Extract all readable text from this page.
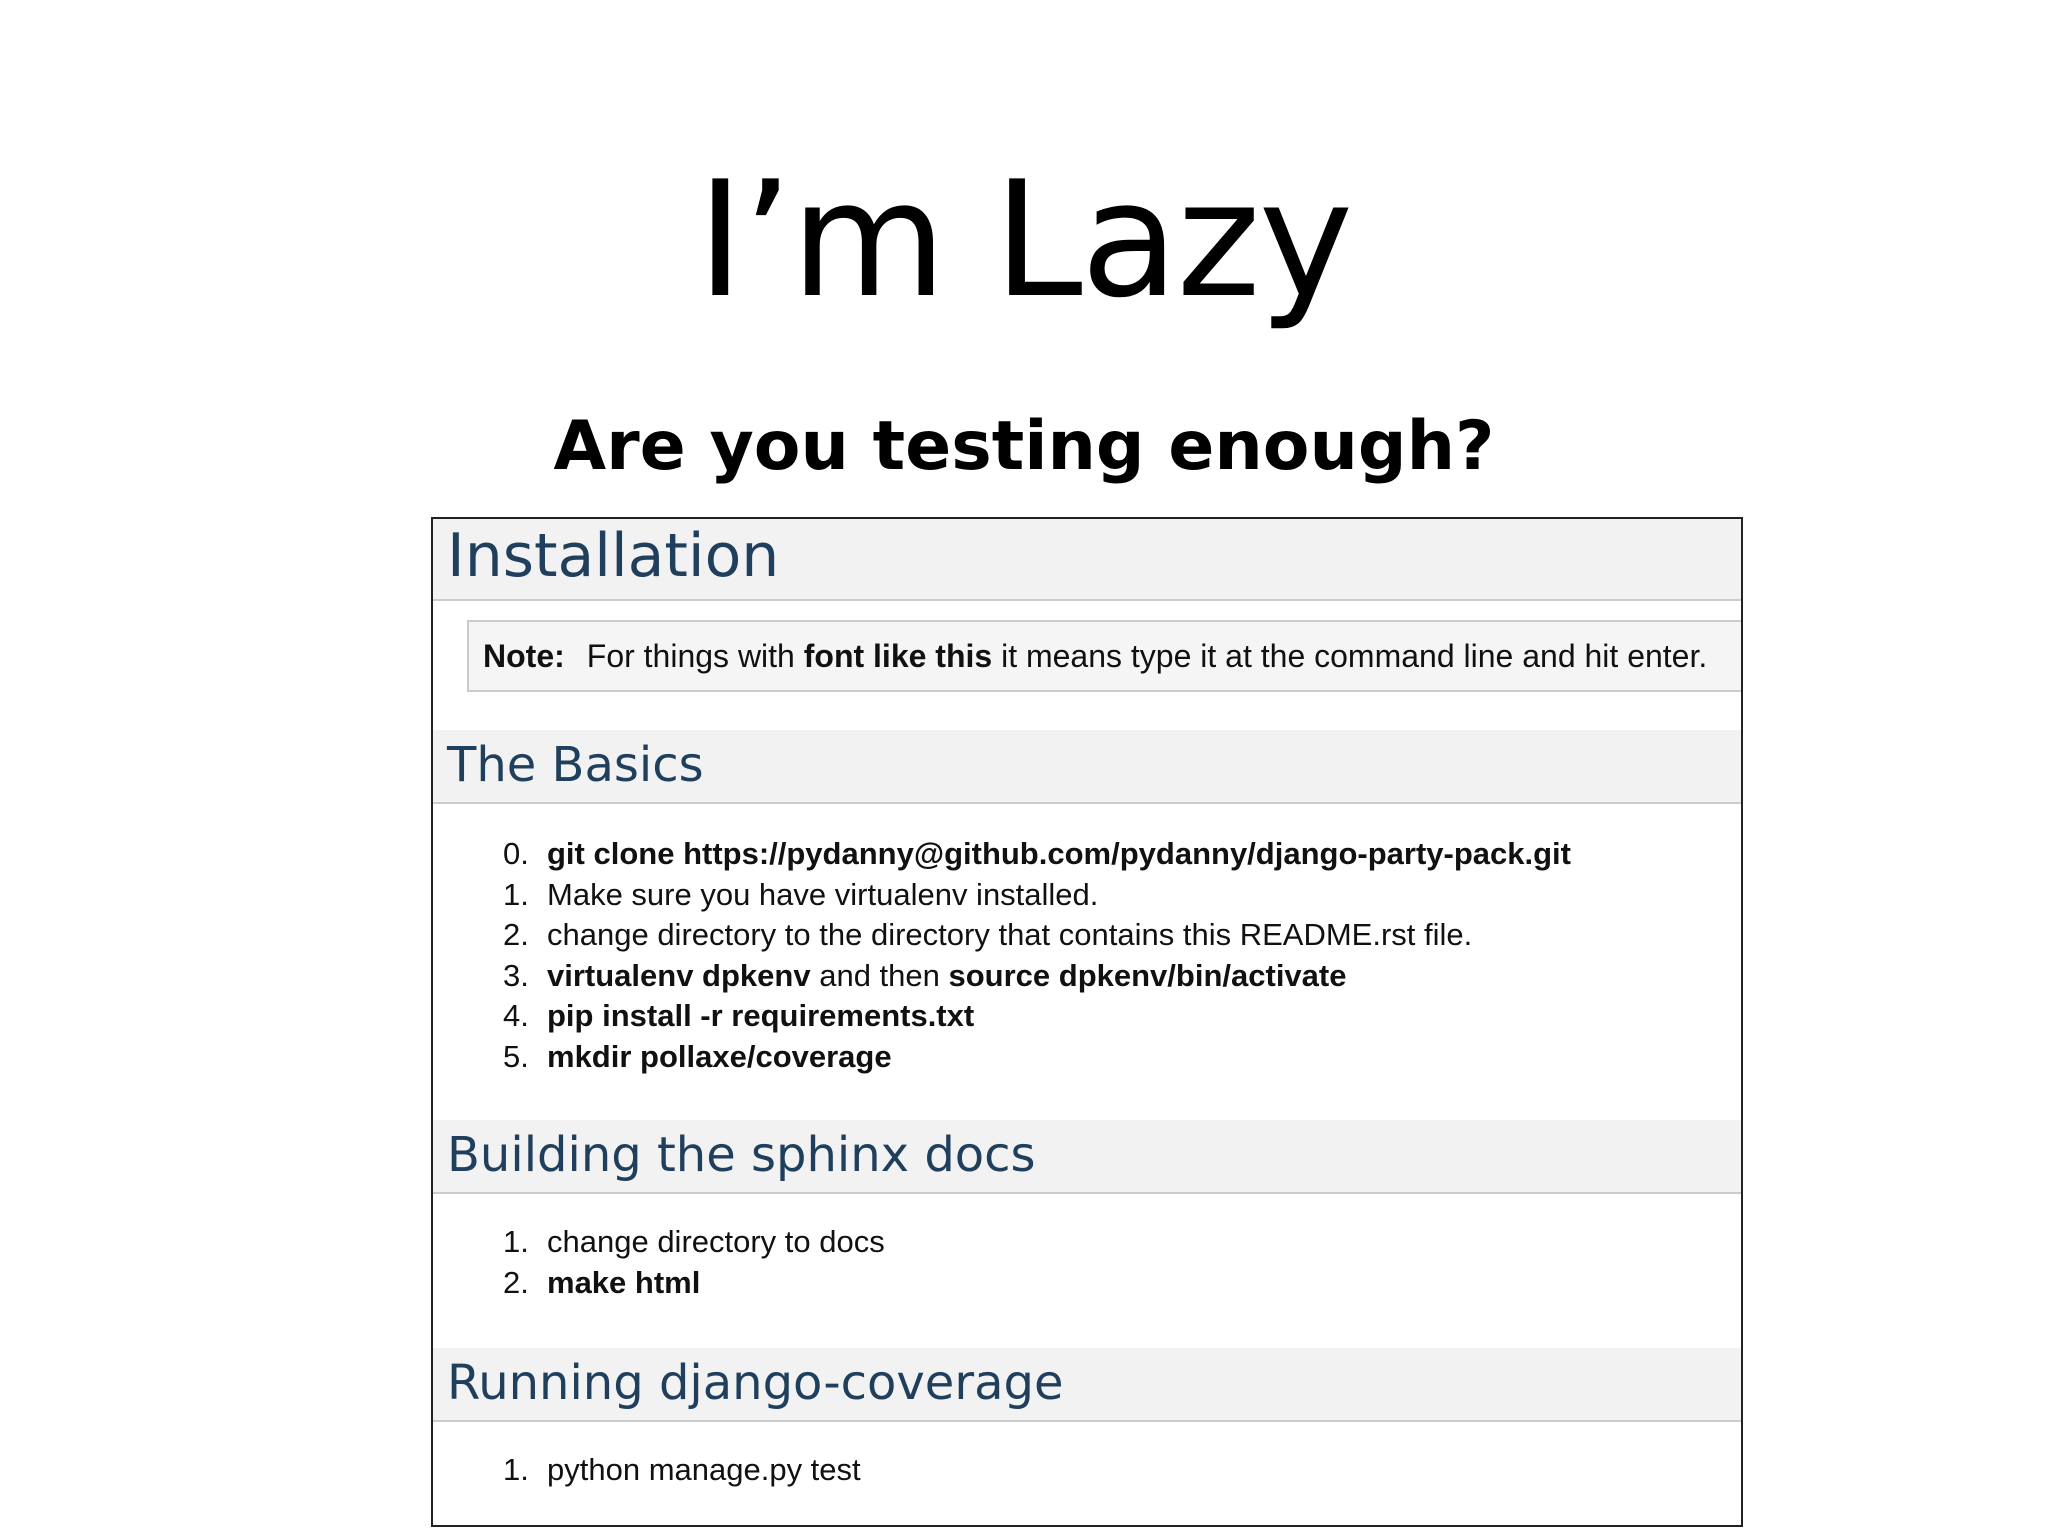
I’m Lazy
Are you testing enough?
Installation
Note: For things with font like this it means type it at the command line and hit enter.
The Basics
0. git clone https://pydanny@github.com/pydanny/django-party-pack.git
1. Make sure you have virtualenv installed.
2. change directory to the directory that contains this README.rst file.
3. virtualenv dpkenv and then source dpkenv/bin/activate
4. pip install -r requirements.txt
5. mkdir pollaxe/coverage
Building the sphinx docs
1. change directory to docs
2. make html
Running django-coverage
1. python manage.py test
